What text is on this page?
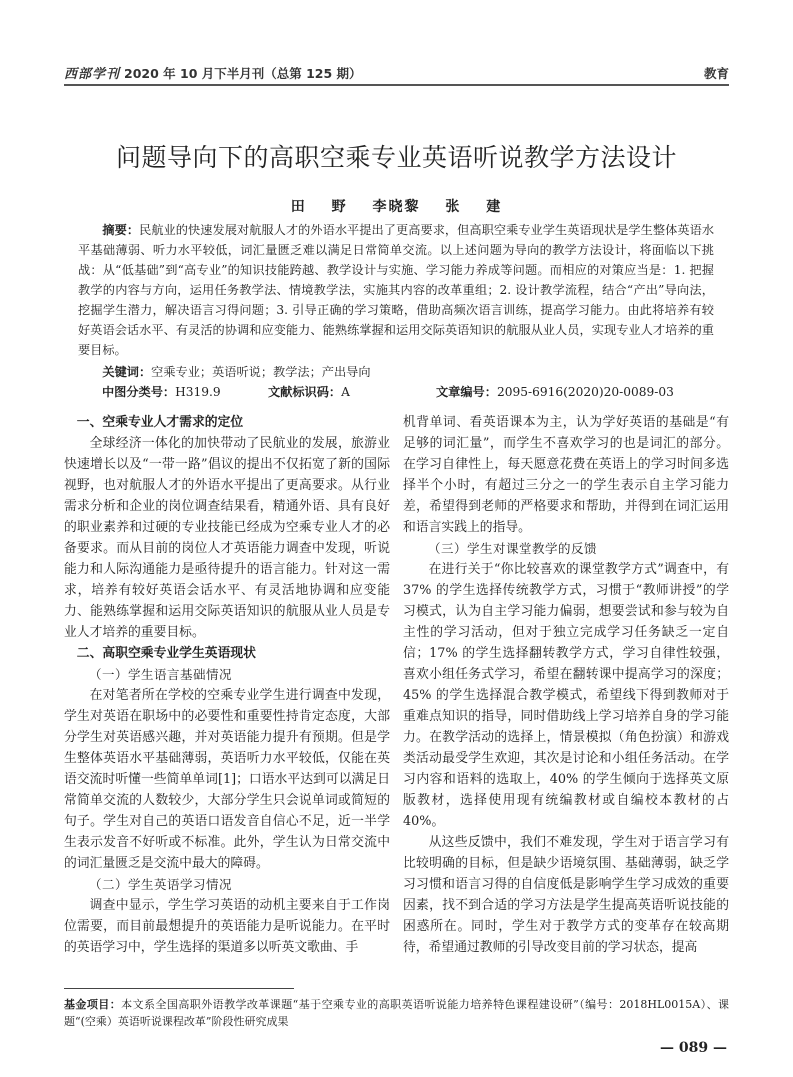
西部学刊 2020 年 10 月下半月刊（总第 125 期）	教育
问题导向下的高职空乘专业英语听说教学方法设计
田 野 李晓黎 张 建
摘要：民航业的快速发展对航服人才的外语水平提出了更高要求，但高职空乘专业学生英语现状是学生整体英语水平基础薄弱、听力水平较低，词汇量匮乏难以满足日常简单交流。以上述问题为导向的教学方法设计，将面临以下挑战：从“低基础”到“高专业”的知识技能跨越、教学设计与实施、学习能力养成等问题。而相应的对策应当是：1. 把握教学的内容与方向，运用任务教学法、情境教学法，实施其内容的改革重组；2. 设计教学流程，结合“产出”导向法，挖掘学生潜力，解决语言习得问题；3. 引导正确的学习策略，借助高频次语言训练，提高学习能力。由此将培养有较好英语会话水平、有灵活的协调和应变能力、能熟练掌握和运用交际英语知识的航服从业人员，实现专业人才培养的重要目标。
关键词：空乘专业；英语听说；教学法；产出导向
中图分类号：H319.9	文献标识码：A	文章编号：2095-6916(2020)20-0089-03
一、空乘专业人才需求的定位

全球经济一体化的加快带动了民航业的发展，旅游业快速增长以及“一带一路”倡议的提出不仅拓宽了新的国际视野，也对航服人才的外语水平提出了更高要求。从行业需求分析和企业的岗位调查结果看，精通外语、具有良好的职业素养和过硬的专业技能已经成为空乘专业人才的必备要求。而从目前的岗位人才英语能力调查中发现，听说能力和人际沟通能力是亟待提升的语言能力。针对这一需求，培养有较好英语会话水平、有灵活地协调和应变能力、能熟练掌握和运用交际英语知识的航服从业人员是专业人才培养的重要目标。

二、高职空乘专业学生英语现状
（一）学生语言基础情况

在对笔者所在学校的空乘专业学生进行调查中发现，学生对英语在职场中的必要性和重要性持肯定态度，大部分学生对英语感兴趣，并对英语能力提升有预期。但是学生整体英语水平基础薄弱，英语听力水平较低，仅能在英语交流时听懂一些简单单词[1]；口语水平达到可以满足日常简单交流的人数较少，大部分学生只会说单词或简短的句子。学生对自己的英语口语发音自信心不足，近一半学生表示发音不好听或不标准。此外，学生认为日常交流中的词汇量匮乏是交流中最大的障碍。

（二）学生英语学习情况

调查中显示，学生学习英语的动机主要来自于工作岗位需要，而目前最想提升的英语能力是听说能力。在平时的英语学习中，学生选择的渠道多以听英文歌曲、手

机背单词、看英语课本为主，认为学好英语的基础是“有足够的词汇量”，而学生不喜欢学习的也是词汇的部分。在学习自律性上，每天愿意花费在英语上的学习时间多选择半个小时，有超过三分之一的学生表示自主学习能力差，希望得到老师的严格要求和帮助，并得到在词汇运用和语言实践上的指导。

（三）学生对课堂教学的反馈

在进行关于“你比较喜欢的课堂教学方式”调查中，有 37% 的学生选择传统教学方式，习惯于“教师讲授”的学习模式，认为自主学习能力偏弱，想要尝试和参与较为自主性的学习活动，但对于独立完成学习任务缺乏一定自信；17% 的学生选择翻转教学方式，学习自律性较强，喜欢小组任务式学习，希望在翻转课中提高学习的深度；45% 的学生选择混合教学模式，希望线下得到教师对于重难点知识的指导，同时借助线上学习培养自身的学习能力。在教学活动的选择上，情景模拟（角色扮演）和游戏类活动最受学生欢迎，其次是讨论和小组任务活动。在学习内容和语料的选取上，40% 的学生倾向于选择英文原版教材，选择使用现有统编教材或自编校本教材的占 40%。

从这些反馈中，我们不难发现，学生对于语言学习有比较明确的目标，但是缺少语境氛围、基础薄弱，缺乏学习习惯和语言习得的自信度低是影响学生学习成效的重要因素，找不到合适的学习方法是学生提高英语听说技能的困惑所在。同时，学生对于教学方式的变革存在较高期待，希望通过教师的引导改变目前的学习状态，提高

基金项目：本文系全国高职外语教学改革课题“基于空乘专业的高职英语听说能力培养特色课程建设研”（编号：2018HL0015A）、课题“(空乘）英语听说课程改革”阶段性研究成果
— 089 —
